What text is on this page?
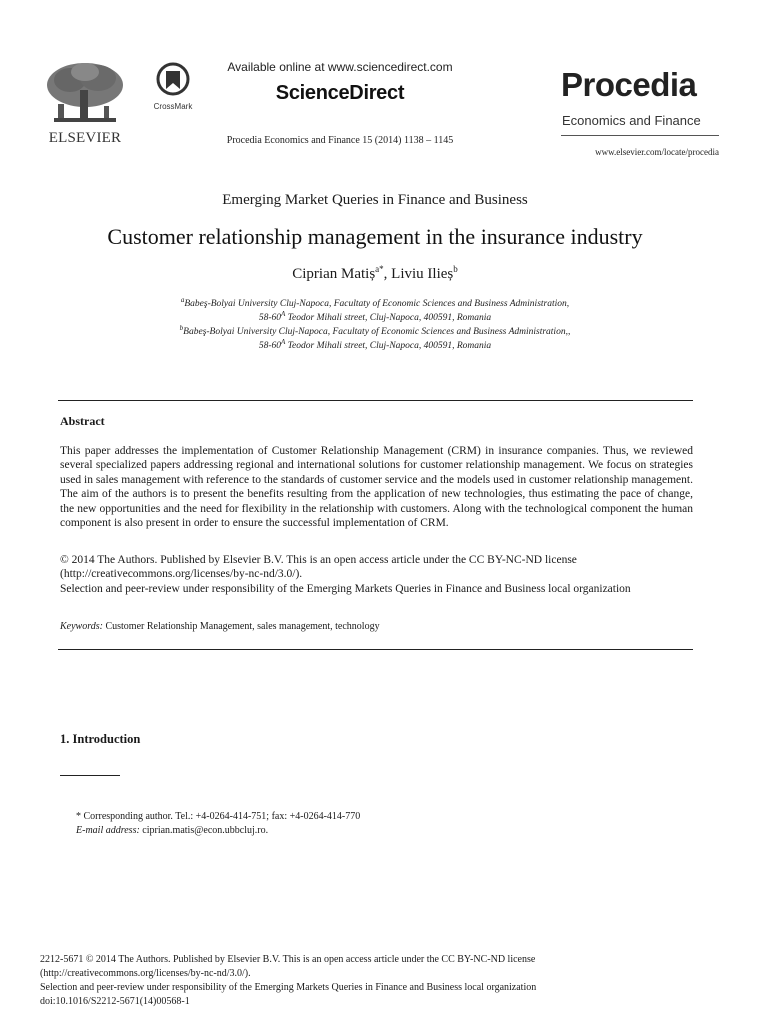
ELSEVIER
CrossMark
Available online at www.sciencedirect.com
ScienceDirect
Procedia Economics and Finance 15 (2014) 1138 – 1145
Procedia
Economics and Finance
www.elsevier.com/locate/procedia
Emerging Market Queries in Finance and Business
Customer relationship management in the insurance industry
Ciprian Matiș$^{a*}$, Liviu Ilieș$^b$
$^a$Babeş-Bolyai University Cluj-Napoca, Facultaty of Economic Sciences and Business Administration,
$58-60^A$ Teodor Mihali street, Cluj-Napoca, 400591, Romania
$^b$Babeş-Bolyai University Cluj-Napoca, Facultaty of Economic Sciences and Business Administration,,
$58-60^A$ Teodor Mihali street, Cluj-Napoca, 400591, Romania
Abstract
This paper addresses the implementation of Customer Relationship Management (CRM) in insurance companies. Thus, we reviewed several specialized papers addressing regional and international solutions for customer relationship management. We focus on strategies used in sales management with reference to the standards of customer service and the models used in customer relationship management. The aim of the authors is to present the benefits resulting from the application of new technologies, thus estimating the pace of change, the new opportunities and the need for flexibility in the relationship with customers. Along with the technological component the human component is also present in order to ensure the successful implementation of CRM.
© 2014 The Authors. Published by Elsevier B.V. This is an open access article under the CC BY-NC-ND license
(http://creativecommons.org/licenses/by-nc-nd/3.0/).
Selection and peer-review under responsibility of the Emerging Markets Queries in Finance and Business local organization
Keywords: Customer Relationship Management, sales management, technology
1. Introduction
* Corresponding author. Tel.: +4-0264-414-751; fax: +4-0264-414-770
E-mail address: ciprian.matis@econ.ubbcluj.ro.
2212-5671 © 2014 The Authors. Published by Elsevier B.V. This is an open access article under the CC BY-NC-ND license
(http://creativecommons.org/licenses/by-nc-nd/3.0/).
Selection and peer-review under responsibility of the Emerging Markets Queries in Finance and Business local organization
doi:10.1016/S2212-5671(14)00568-1
